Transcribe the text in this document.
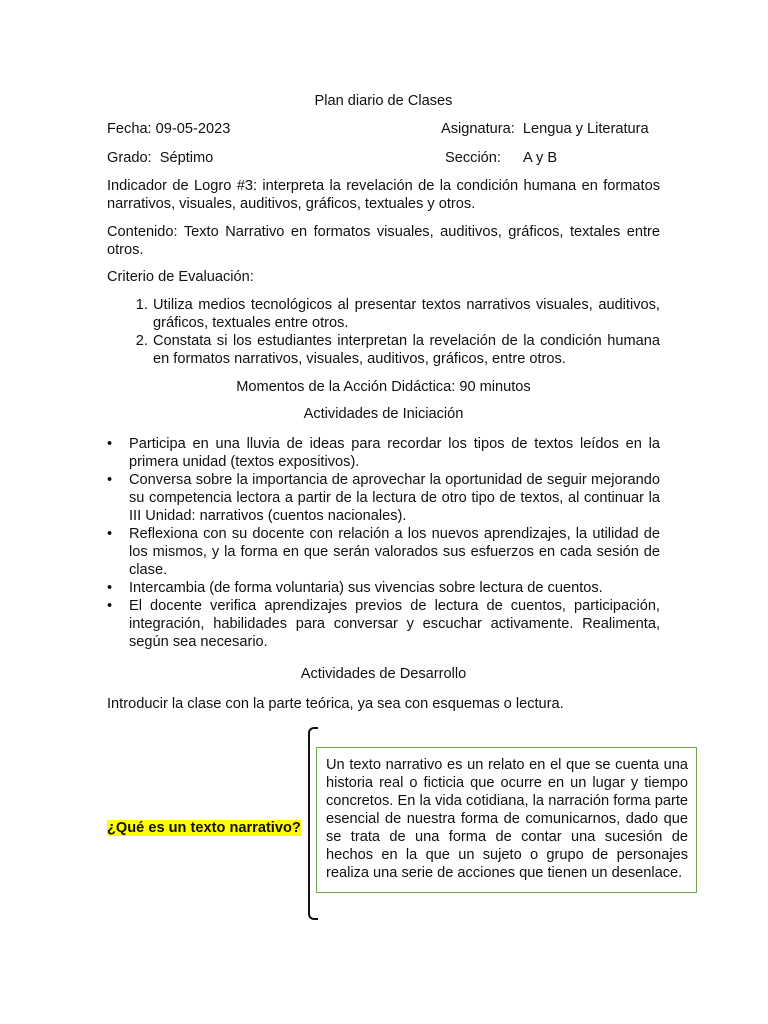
Plan diario de Clases
Fecha: 09-05-2023	Asignatura: Lengua y Literatura
Grado:  Séptimo	Sección: A y B
Indicador de Logro #3: interpreta la revelación de la condición humana en formatos narrativos, visuales, auditivos, gráficos, textuales y otros.
Contenido: Texto Narrativo en formatos visuales, auditivos, gráficos, textales entre otros.
Criterio de Evaluación:
1. Utiliza medios tecnológicos al presentar textos narrativos visuales, auditivos, gráficos, textuales entre otros.
2. Constata si los estudiantes interpretan la revelación de la condición humana en formatos narrativos, visuales, auditivos, gráficos, entre otros.
Momentos de la Acción Didáctica: 90 minutos
Actividades de Iniciación
•	Participa en una lluvia de ideas para recordar los tipos de textos leídos en la primera unidad (textos expositivos).
•	Conversa sobre la importancia de aprovechar la oportunidad de seguir mejorando su competencia lectora a partir de la lectura de otro tipo de textos, al continuar la III Unidad: narrativos (cuentos nacionales).
•	Reflexiona con su docente con relación a los nuevos aprendizajes, la utilidad de los mismos, y la forma en que serán valorados sus esfuerzos en cada sesión de clase.
•	Intercambia (de forma voluntaria) sus vivencias sobre lectura de cuentos.
•	El docente verifica aprendizajes previos de lectura de cuentos, participación, integración, habilidades para conversar y escuchar activamente. Realimenta, según sea necesario.
Actividades de Desarrollo
Introducir la clase con la parte teórica, ya sea con esquemas o lectura.
¿Qué es un texto narrativo?
Un texto narrativo es un relato en el que se cuenta una historia real o ficticia que ocurre en un lugar y tiempo concretos. En la vida cotidiana, la narración forma parte esencial de nuestra forma de comunicarnos, dado que se trata de una forma de contar una sucesión de hechos en la que un sujeto o grupo de personajes realiza una serie de acciones que tienen un desenlace.
